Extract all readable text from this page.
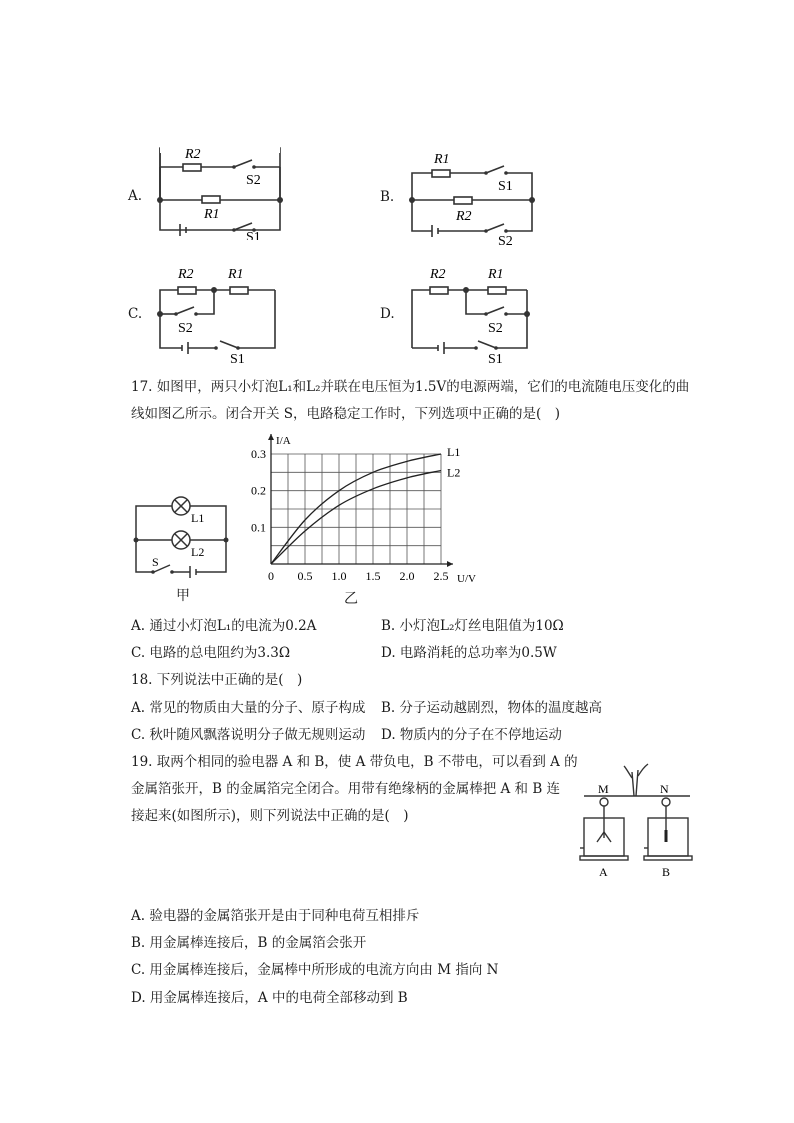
A.
R2
S2
R1
S1
B.
R1
S1
R2
S2
C.
R2 R1
S2
S1
D.
R2	R1
S2
S1
17. 如图甲，两只小灯泡L₁和L₂并联在电压恒为1.5V的电源两端，它们的电流随电压变化的曲
线如图乙所示。闭合开关 S，电路稳定工作时，下列选项中正确的是(　)
L1
L2
S
甲
0 0.5 1.0 1.5 2.0 2.5
0.1
0.2
0.3
U/V
I/A
L1
L2
乙
A. 通过小灯泡L₁的电流为0.2A	B. 小灯泡L₂灯丝电阻值为10Ω
C. 电路的总电阻约为3.3Ω	D. 电路消耗的总功率为0.5W
18. 下列说法中正确的是(　)
A. 常见的物质由大量的分子、原子构成 B. 分子运动越剧烈，物体的温度越高
C. 秋叶随风飘落说明分子做无规则运动 D. 物质内的分子在不停地运动
19. 取两个相同的验电器 A 和 B，使 A 带负电，B 不带电，可以看到 A 的
金属箔张开，B 的金属箔完全闭合。用带有绝缘柄的金属棒把 A 和 B 连
接起来(如图所示)，则下列说法中正确的是(　)
M	N
A	B
A. 验电器的金属箔张开是由于同种电荷互相排斥
B. 用金属棒连接后，B 的金属箔会张开
C. 用金属棒连接后，金属棒中所形成的电流方向由 M 指向 N
D. 用金属棒连接后，A 中的电荷全部移动到 B
